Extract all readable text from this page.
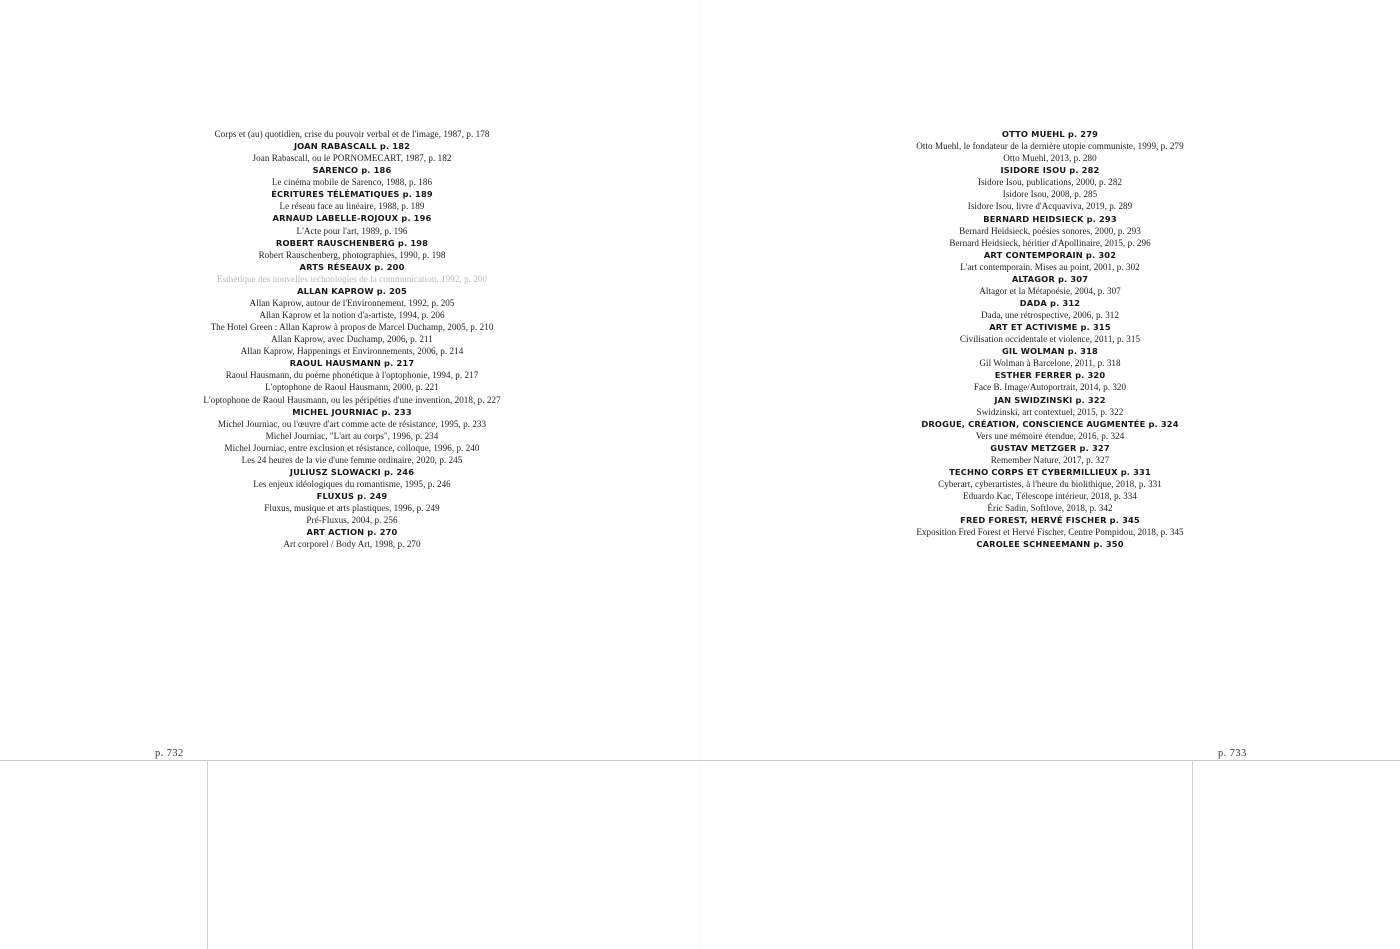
Corps et (au) quotidien, crise du pouvoir verbal et de l'image, 1987, p. 178
JOAN RABASCALL p. 182
Joan Rabascall, ou le PORNOMECART, 1987, p. 182
SARENCO p. 186
Le cinéma mobile de Sarenco, 1988, p. 186
ÉCRITURES TÉLÉMATIQUES p. 189
Le réseau face au linéaire, 1988, p. 189
ARNAUD LABELLE-ROJOUX p. 196
L'Acte pour l'art, 1989, p. 196
ROBERT RAUSCHENBERG p. 198
Robert Rauschenberg, photographies, 1990, p. 198
ARTS RÉSEAUX p. 200
Esthétique des nouvelles technologies de la communication, 1992, p. 200
ALLAN KAPROW p. 205
Allan Kaprow, autour de l'Environnement, 1992, p. 205
Allan Kaprow et la notion d'a-artiste, 1994, p. 206
The Hotel Green : Allan Kaprow à propos de Marcel Duchamp, 2005, p. 210
Allan Kaprow, avec Duchamp, 2006, p. 211
Allan Kaprow, Happenings et Environnements, 2006, p. 214
RAOUL HAUSMANN p. 217
Raoul Hausmann, du poème phonétique à l'optophonie, 1994, p. 217
L'optophone de Raoul Hausmann, 2000, p. 221
L'optophone de Raoul Hausmann, ou les péripéties d'une invention, 2018, p. 227
MICHEL JOURNIAC p. 233
Michel Journiac, ou l'œuvre d'art comme acte de résistance, 1995, p. 233
Michel Journiac, "L'art au corps", 1996, p. 234
Michel Journiac, entre exclusion et résistance, colloque, 1996, p. 240
Les 24 heures de la vie d'une femme ordinaire, 2020, p. 245
JULIUSZ SLOWACKI p. 246
Les enjeux idéologiques du romantisme, 1995, p. 246
FLUXUS p. 249
Fluxus, musique et arts plastiques, 1996, p. 249
Pré-Fluxus, 2004, p. 256
ART ACTION p. 270
Art corporel / Body Art, 1998, p. 270
OTTO MUEHL p. 279
Otto Muehl, le fondateur de la dernière utopie communiste, 1999, p. 279
Otto Muehl, 2013, p. 280
ISIDORE ISOU p. 282
Isidore Isou, publications, 2000, p. 282
Isidore Isou, 2008, p. 285
Isidore Isou, livre d'Acquaviva, 2019, p. 289
BERNARD HEIDSIECK p. 293
Bernard Heidsieck, poésies sonores, 2000, p. 293
Bernard Heidsieck, héritier d'Apollinaire, 2015, p. 296
ART CONTEMPORAIN p. 302
L'art contemporain. Mises au point, 2001, p. 302
ALTAGOR p. 307
Altagor et la Métapoésie, 2004, p. 307
DADA p. 312
Dada, une rétrospective, 2006, p. 312
ART ET ACTIVISME p. 315
Civilisation occidentale et violence, 2011, p. 315
GIL WOLMAN p. 318
Gil Wolman à Barcelone, 2011, p. 318
ESTHER FERRER p. 320
Face B. Image/Autoportrait, 2014, p. 320
JAN SWIDZINSKI p. 322
Swidzinski, art contextuel, 2015, p. 322
DROGUE, CRÉATION, CONSCIENCE AUGMENTÉE p. 324
Vers une mémoire étendue, 2016, p. 324
GUSTAV METZGER p. 327
Remember Nature, 2017, p. 327
TECHNO CORPS ET CYBERMILLIEUX p. 331
Cyberart, cyberartistes, à l'heure du biolithique, 2018, p. 331
Eduardo Kac, Télescope intérieur, 2018, p. 334
Éric Sadin, Softlove, 2018, p. 342
FRED FOREST, HERVÉ FISCHER p. 345
Exposition Fred Forest et Hervé Fischer, Centre Pompidou, 2018, p. 345
CAROLEE SCHNEEMANN p. 350
p. 732	p. 733
